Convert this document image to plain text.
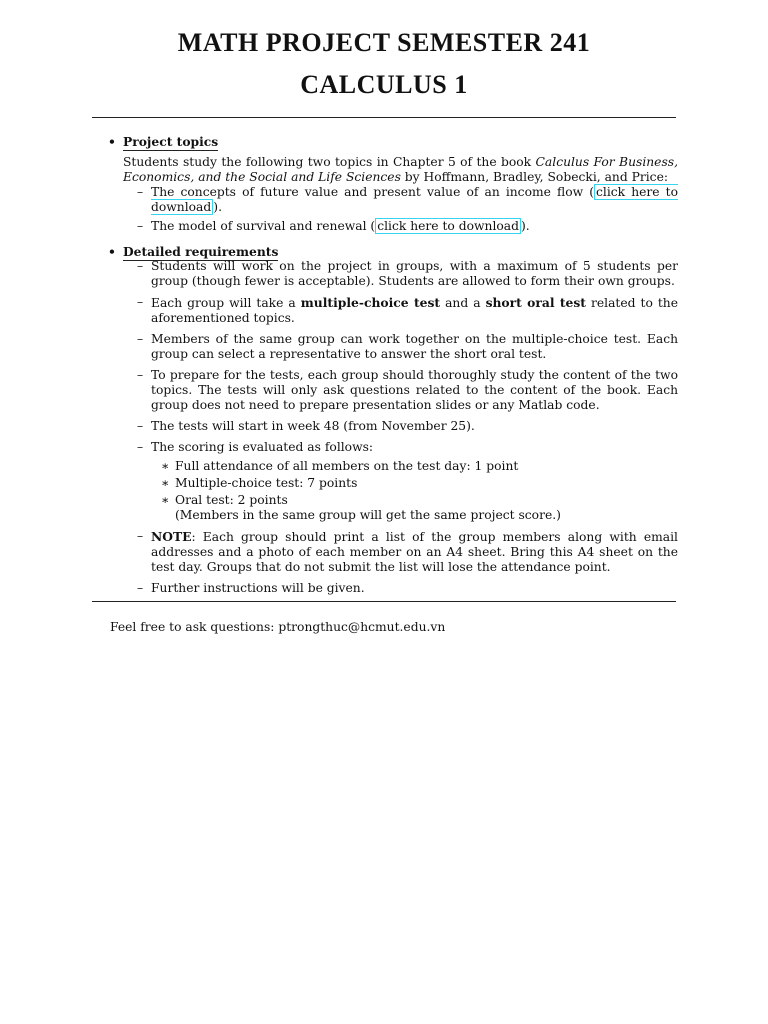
MATH PROJECT SEMESTER 241
CALCULUS 1

• Project topics

Students study the following two topics in Chapter 5 of the book Calculus For Business, Economics, and the Social and Life Sciences by Hoffmann, Bradley, Sobecki, and Price:

– The concepts of future value and present value of an income flow ( click here to download ).
– The model of survival and renewal ( click here to download ).

• Detailed requirements

– Students will work on the project in groups, with a maximum of 5 students per group (though fewer is acceptable). Students are allowed to form their own groups.
– Each group will take a multiple-choice test and a short oral test related to the aforementioned topics.
– Members of the same group can work together on the multiple-choice test. Each group can select a representative to answer the short oral test.
– To prepare for the tests, each group should thoroughly study the content of the two topics. The tests will only ask questions related to the content of the book. Each group does not need to prepare presentation slides or any Matlab code.
– The tests will start in week 48 (from November 25).
– The scoring is evaluated as follows:
∗ Full attendance of all members on the test day: 1 point
∗ Multiple-choice test: 7 points
∗ Oral test: 2 points
(Members in the same group will get the same project score.)
– NOTE: Each group should print a list of the group members along with email addresses and a photo of each member on an A4 sheet. Bring this A4 sheet on the test day. Groups that do not submit the list will lose the attendance point.
– Further instructions will be given.

Feel free to ask questions: ptrongthuc@hcmut.edu.vn
